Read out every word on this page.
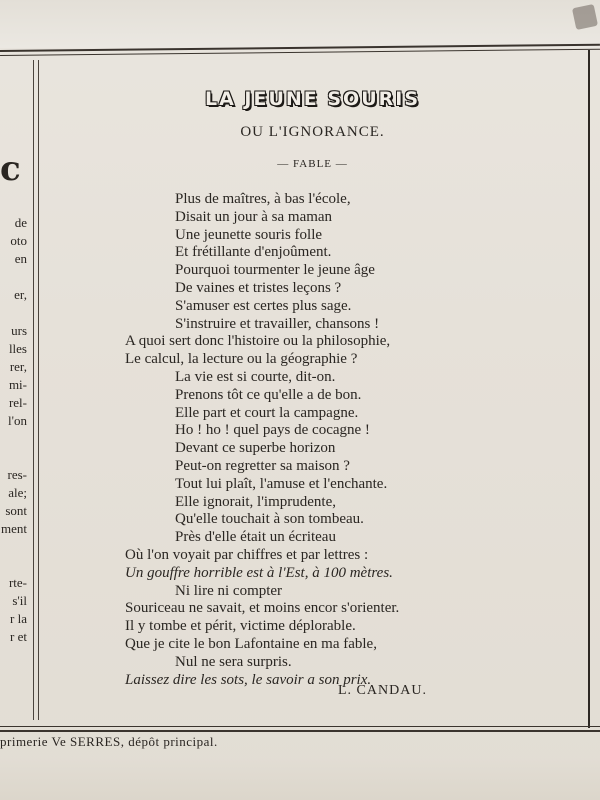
c
de
oto
en
er,
urs
lles
rer,
mi-
rel-
l'on
res-
ale;
sont
ment
rte-
s'il
r la
r et
LA JEUNE SOURIS
OU L'IGNORANCE.
— FABLE —
L. CANDAU.
Plus de maîtres, à bas l'école,
Disait un jour à sa maman
Une jeunette souris folle
Et frétillante d'enjoûment.
Pourquoi tourmenter le jeune âge
De vaines et tristes leçons ?
S'amuser est certes plus sage.
S'instruire et travailler, chansons !
A quoi sert donc l'histoire ou la philosophie,
Le calcul, la lecture ou la géographie ?
La vie est si courte, dit-on.
Prenons tôt ce qu'elle a de bon.
Elle part et court la campagne.
Ho ! ho ! quel pays de cocagne !
Devant ce superbe horizon
Peut-on regretter sa maison ?
Tout lui plaît, l'amuse et l'enchante.
Elle ignorait, l'imprudente,
Qu'elle touchait à son tombeau.
Près d'elle était un écriteau
Où l'on voyait par chiffres et par lettres :
Un gouffre horrible est à l'Est, à 100 mètres.
Ni lire ni compter
Souriceau ne savait, et moins encor s'orienter.
Il y tombe et périt, victime déplorable.
Que je cite le bon Lafontaine en ma fable,
Nul ne sera surpris.
Laissez dire les sots, le savoir a son prix.
primerie Ve SERRES, dépôt principal.
